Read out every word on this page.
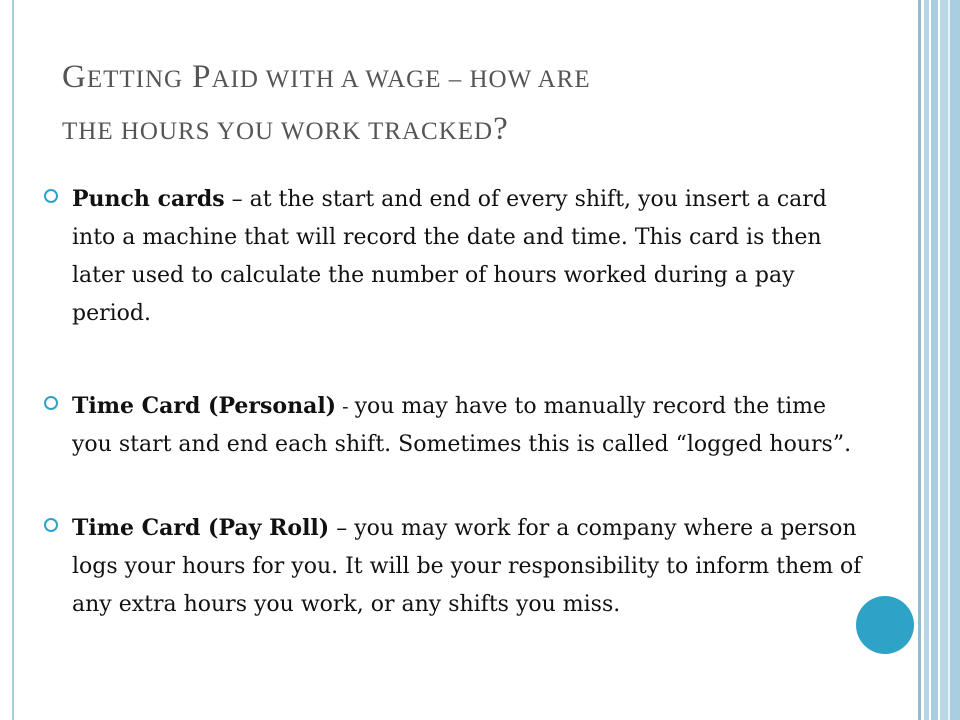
GETTING PAID WITH A WAGE – HOW ARE
THE HOURS YOU WORK TRACKED?

Punch cards – at the start and end of every shift, you insert a card into a machine that will record the date and time. This card is then later used to calculate the number of hours worked during a pay period.

Time Card (Personal) - you may have to manually record the time you start and end each shift. Sometimes this is called “logged hours”.

Time Card (Pay Roll) – you may work for a company where a person logs your hours for you. It will be your responsibility to inform them of any extra hours you work, or any shifts you miss.
